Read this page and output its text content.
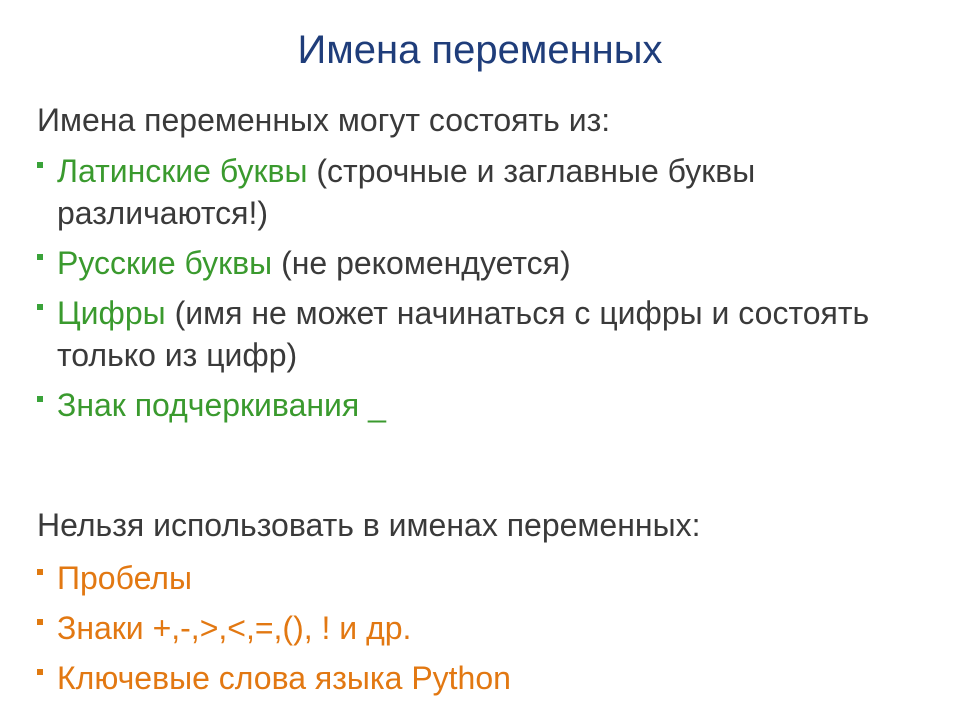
Имена переменных
Имена переменных могут состоять из:
Латинские буквы (строчные и заглавные буквы различаются!)
Русские буквы (не рекомендуется)
Цифры (имя не может начинаться с цифры и состоять только из цифр)
Знак подчеркивания _
Нельзя использовать в именах переменных:
Пробелы
Знаки +,-,>,<,=,(), ! и др.
Ключевые слова языка Python
